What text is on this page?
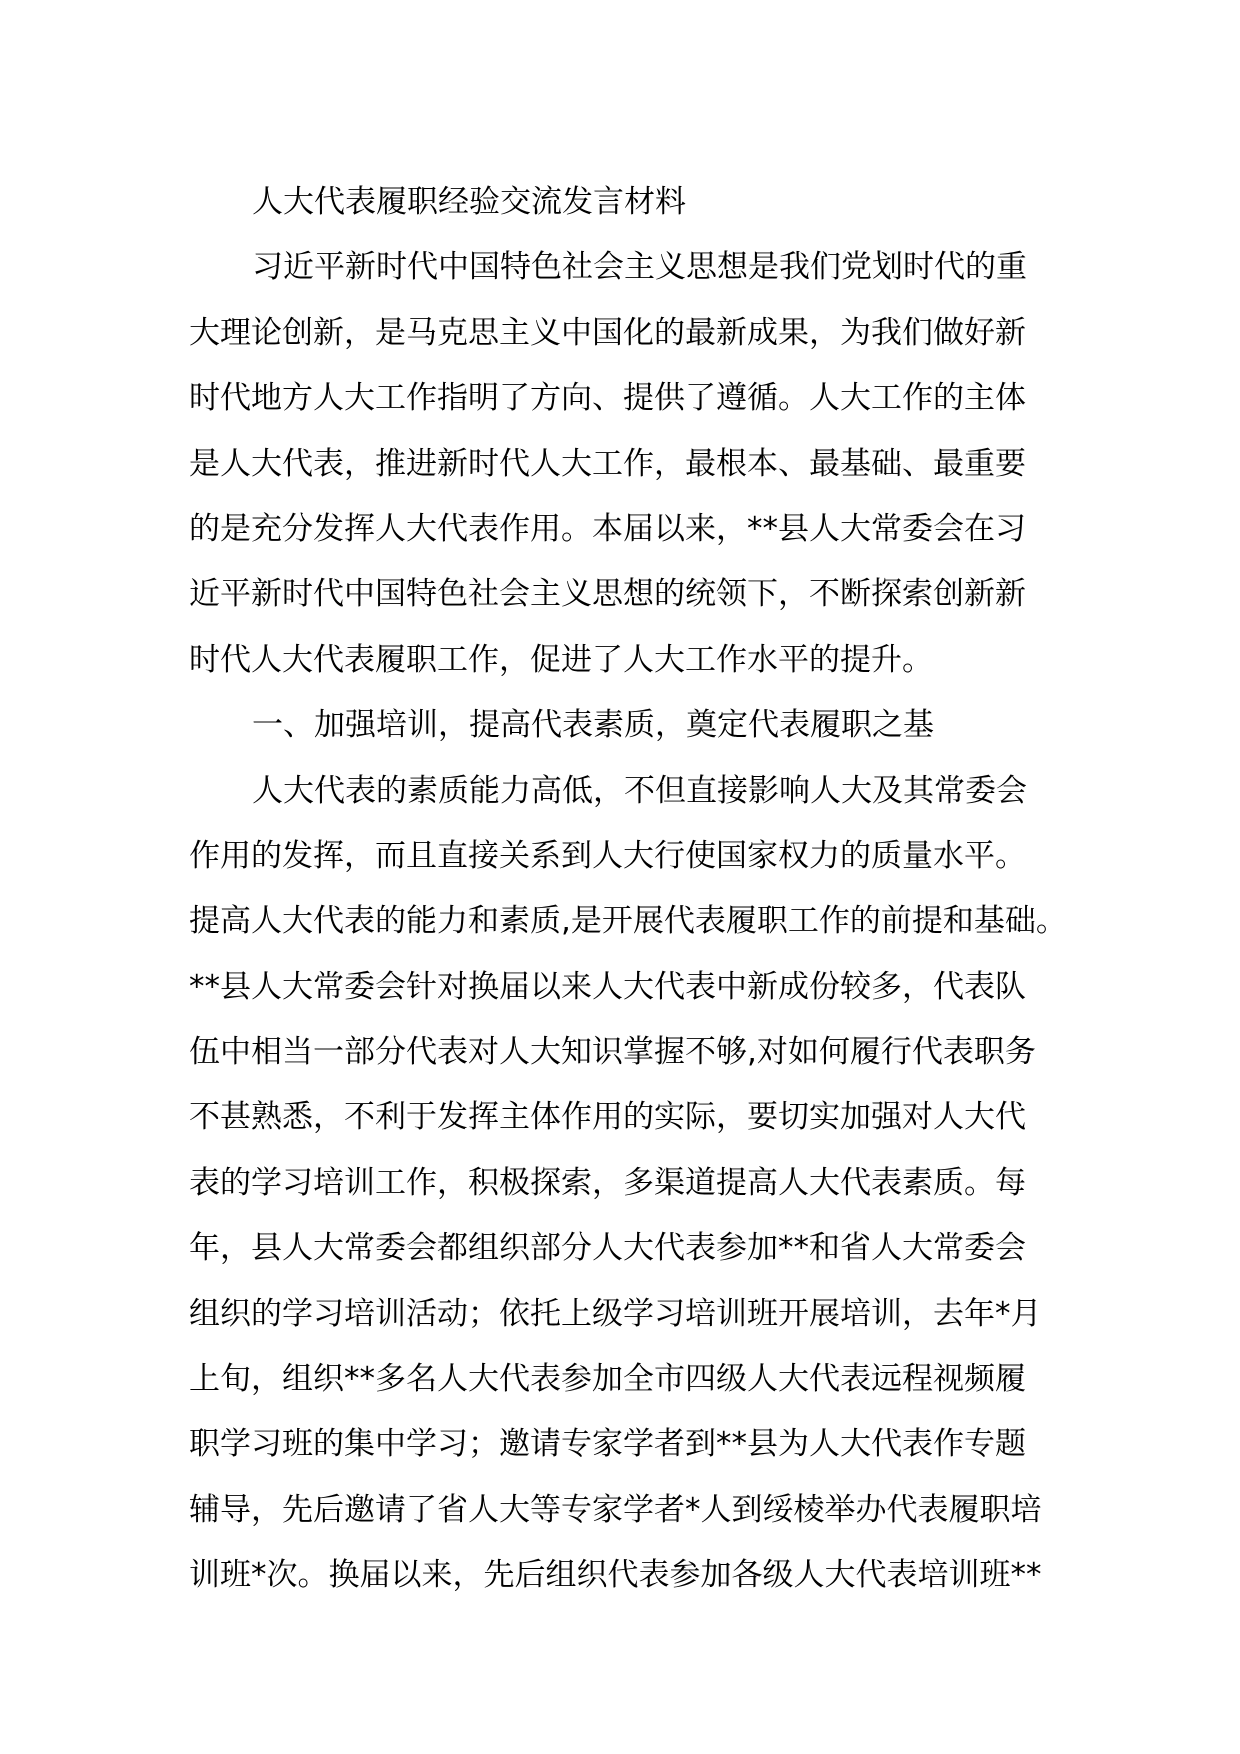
人大代表履职经验交流发言材料
习近平新时代中国特色社会主义思想是我们党划时代的重
大理论创新，是马克思主义中国化的最新成果，为我们做好新
时代地方人大工作指明了方向、提供了遵循。人大工作的主体
是人大代表，推进新时代人大工作，最根本、最基础、最重要
的是充分发挥人大代表作用。本届以来，**县人大常委会在习
近平新时代中国特色社会主义思想的统领下，不断探索创新新
时代人大代表履职工作，促进了人大工作水平的提升。
一、加强培训，提高代表素质，奠定代表履职之基
人大代表的素质能力高低，不但直接影响人大及其常委会
作用的发挥，而且直接关系到人大行使国家权力的质量水平。
提高人大代表的能力和素质,是开展代表履职工作的前提和基础。
**县人大常委会针对换届以来人大代表中新成份较多，代表队
伍中相当一部分代表对人大知识掌握不够,对如何履行代表职务
不甚熟悉，不利于发挥主体作用的实际，要切实加强对人大代
表的学习培训工作，积极探索，多渠道提高人大代表素质。每
年，县人大常委会都组织部分人大代表参加**和省人大常委会
组织的学习培训活动；依托上级学习培训班开展培训，去年*月
上旬，组织**多名人大代表参加全市四级人大代表远程视频履
职学习班的集中学习；邀请专家学者到**县为人大代表作专题
辅导，先后邀请了省人大等专家学者*人到绥棱举办代表履职培
训班*次。换届以来，先后组织代表参加各级人大代表培训班**
